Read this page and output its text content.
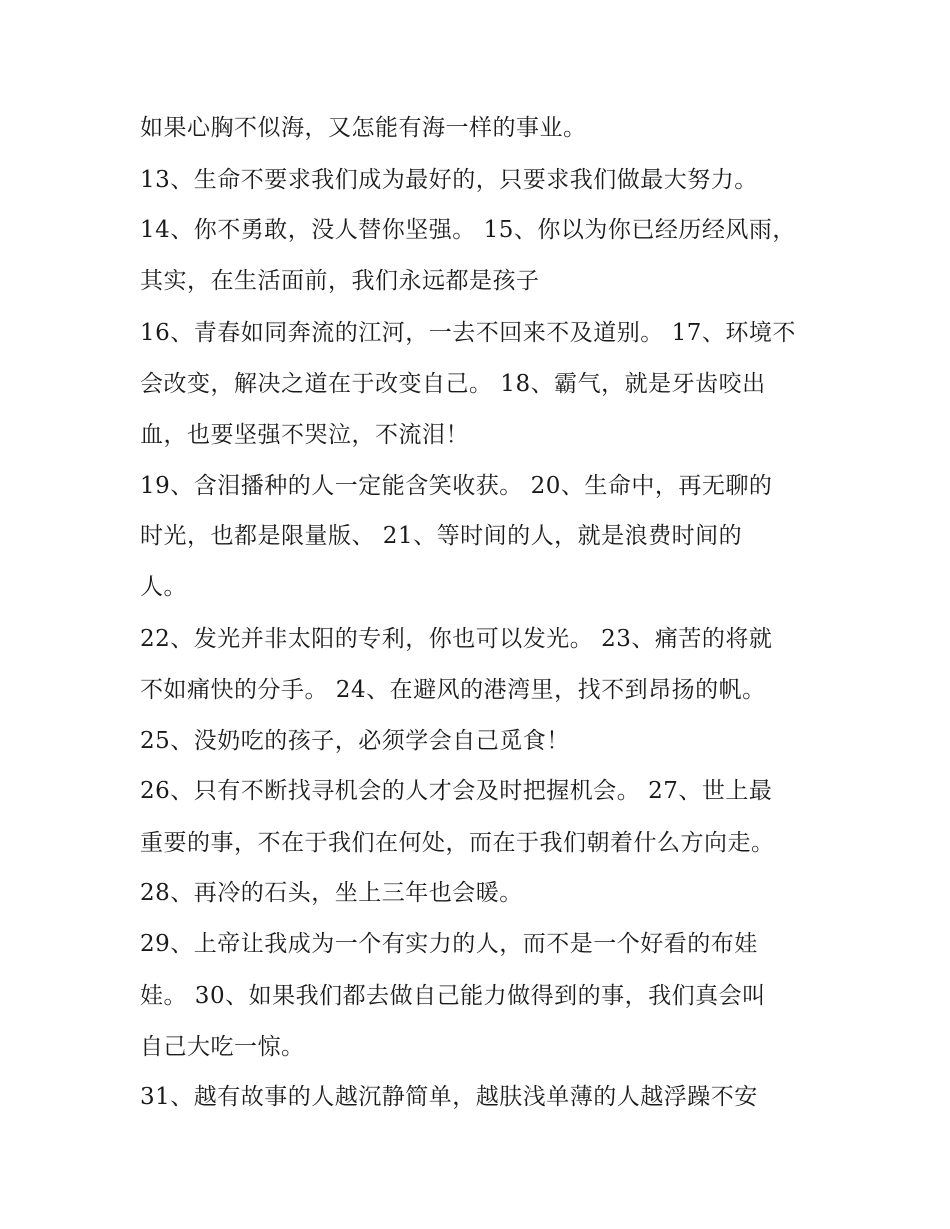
如果心胸不似海，又怎能有海一样的事业。
13、生命不要求我们成为最好的，只要求我们做最大努力。
14、你不勇敢，没人替你坚强。 15、你以为你已经历经风雨，
其实，在生活面前，我们永远都是孩子
16、青春如同奔流的江河，一去不回来不及道别。 17、环境不
会改变，解决之道在于改变自己。 18、霸气，就是牙齿咬出
血，也要坚强不哭泣，不流泪！
19、含泪播种的人一定能含笑收获。 20、生命中，再无聊的
时光，也都是限量版、 21、等时间的人，就是浪费时间的
人。
22、发光并非太阳的专利，你也可以发光。 23、痛苦的将就
不如痛快的分手。 24、在避风的港湾里，找不到昂扬的帆。
25、没奶吃的孩子，必须学会自己觅食！
26、只有不断找寻机会的人才会及时把握机会。 27、世上最
重要的事，不在于我们在何处，而在于我们朝着什么方向走。
28、再冷的石头，坐上三年也会暖。
29、上帝让我成为一个有实力的人，而不是一个好看的布娃
娃。 30、如果我们都去做自己能力做得到的事，我们真会叫
自己大吃一惊。
31、越有故事的人越沉静简单，越肤浅单薄的人越浮躁不安
